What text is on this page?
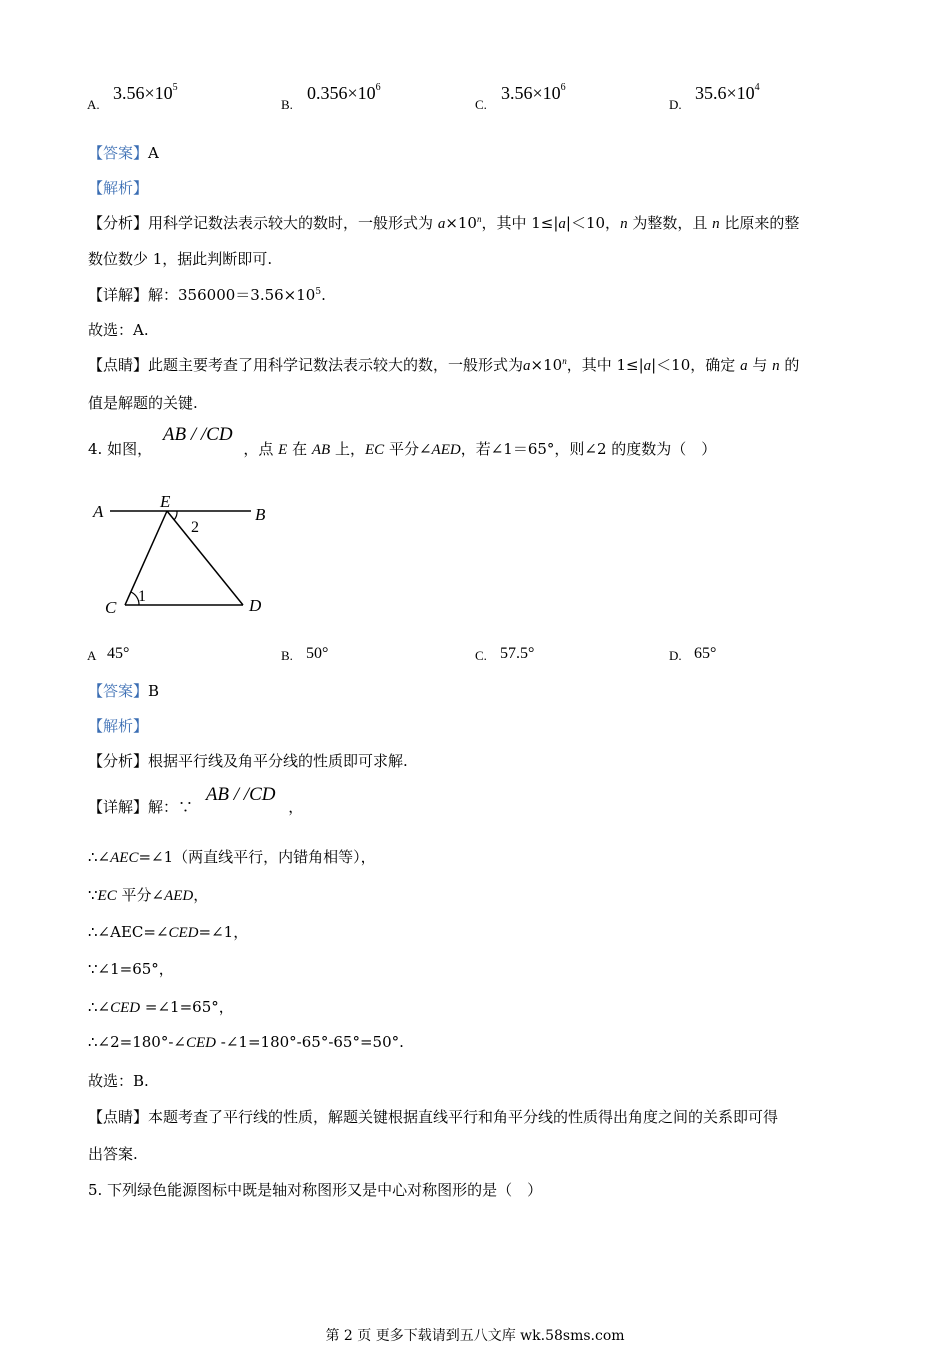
A.
$3.56\times 10^5$
B.
$0.356\times 10^6$
C.
$3.56\times 10^6$
D.
$35.6\times 10^4$
【答案】A
【解析】
【分析】用科学记数法表示较大的数时，一般形式为 $a\times 10^n$，其中 1≤|a|＜10，n 为整数，且 n 比原来的整
数位数少 1，据此判断即可.
【详解】解：$356000=3.56\times 10^5$.
故选：A.
【点睛】此题主要考查了用科学记数法表示较大的数，一般形式为$a\times 10^n$，其中 1≤|a|＜10，确定 a 与 n 的
值是解题的关键.
4. 如图， AB / /CD ，点 E 在 AB 上，EC 平分∠AED，若∠1＝65°，则∠2 的度数为（　）
A
E
B
C	D
1
2
A 45°	B. 50°	C. 57.5°	D. 65°
【答案】B
【解析】
【分析】根据平行线及角平分线的性质即可求解.
【详解】解：∵ AB / /CD ，
∴∠AEC=∠1（两直线平行，内错角相等），
∵EC 平分∠AED，
∴∠AEC=∠CED=∠1，
∵∠1=65°，
∴∠CED =∠1=65°，
∴∠2=180°-∠CED -∠1=180°-65°-65°=50°.
故选：B.
【点睛】本题考查了平行线的性质，解题关键根据直线平行和角平分线的性质得出角度之间的关系即可得
出答案.
5. 下列绿色能源图标中既是轴对称图形又是中心对称图形的是（　）
第 2 页 更多下载请到五八文库 wk.58sms.com
